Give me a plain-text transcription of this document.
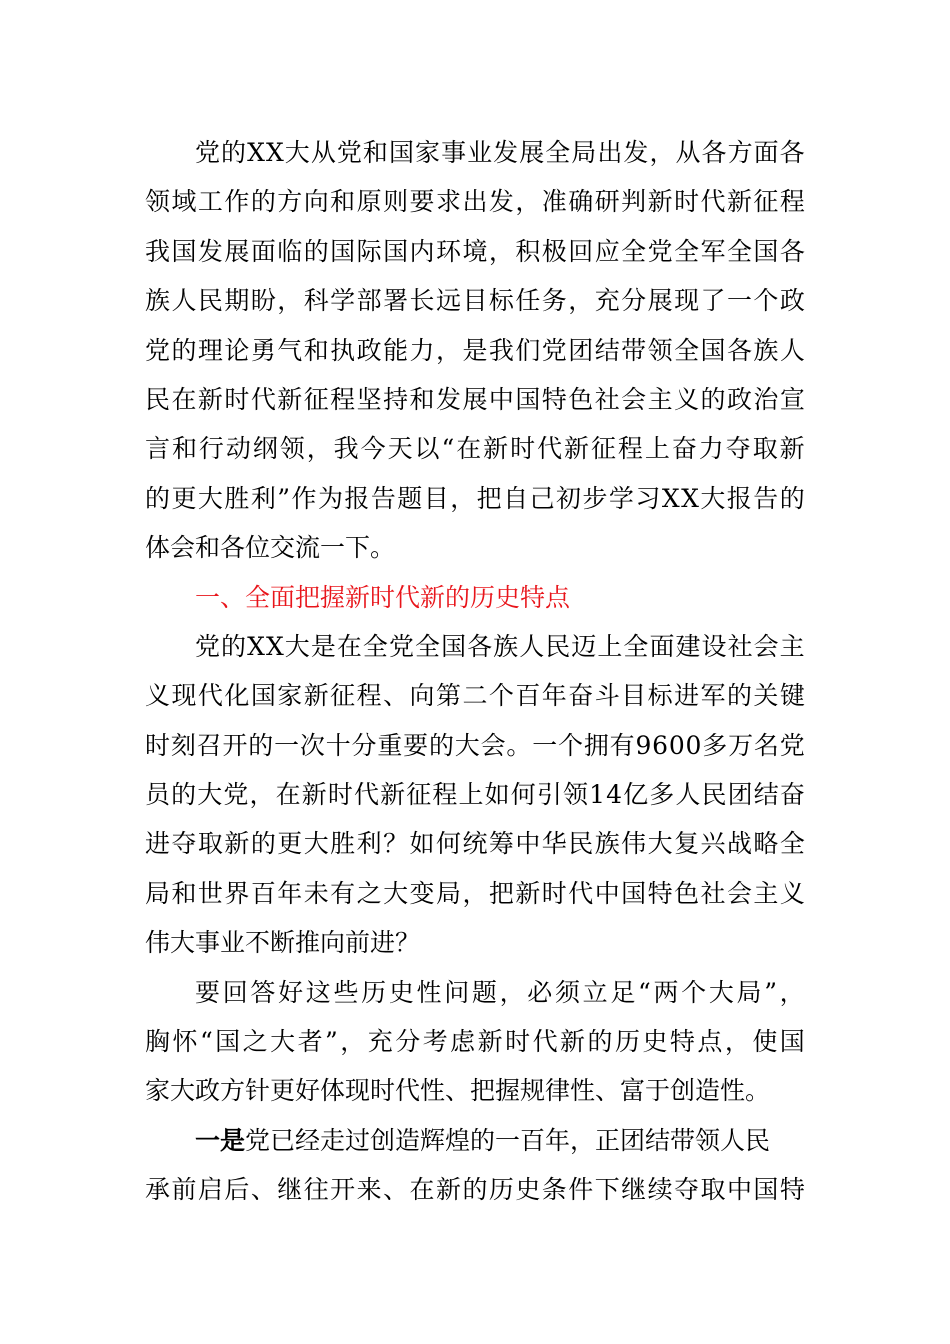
党 的 X X 大 从 党 和 国 家 事 业 发 展 全 局 出 发 ， 从 各 方 面 各
领 域 工 作 的 方 向 和 原 则 要 求 出 发 ， 准 确 研 判 新 时 代 新 征 程
我 国 发 展 面 临 的 国 际 国 内 环 境 ， 积 极 回 应 全 党 全 军 全 国 各
族 人 民 期 盼 ， 科 学 部 署 长 远 目 标 任 务 ， 充 分 展 现 了 一 个 政
党 的 理 论 勇 气 和 执 政 能 力 ， 是 我 们 党 团 结 带 领 全 国 各 族 人
民 在 新 时 代 新 征 程 坚 持 和 发 展 中 国 特 色 社 会 主 义 的 政 治 宣
言 和 行 动 纲 领 ， 我 今 天 以 “ 在 新 时 代 新 征 程 上 奋 力 夺 取 新
的 更 大 胜 利 ” 作 为 报 告 题 目 ， 把 自 己 初 步 学 习 X X 大 报 告 的
体会和各位交流一下。
一、全面把握新时代新的历史特点
党 的 X X 大 是 在 全 党 全 国 各 族 人 民 迈 上 全 面 建 设 社 会 主
义 现 代 化 国 家 新 征 程 、 向 第 二 个 百 年 奋 斗 目 标 进 军 的 关 键
时 刻 召 开 的 一 次 十 分 重 要 的 大 会 。 一 个 拥 有 9 6 0 0 多 万 名 党
员 的 大 党 ， 在 新 时 代 新 征 程 上 如 何 引 领 1 4 亿 多 人 民 团 结 奋
进 夺 取 新 的 更 大 胜 利 ？ 如 何 统 筹 中 华 民 族 伟 大 复 兴 战 略 全
局 和 世 界 百 年 未 有 之 大 变 局 ， 把 新 时 代 中 国 特 色 社 会 主 义
伟大事业不断推向前进？
要 回 答 好 这 些 历 史 性 问 题 ， 必 须 立 足 “ 两 个 大 局 ” ，
胸 怀 “ 国 之 大 者 ” ， 充 分 考 虑 新 时 代 新 的 历 史 特 点 ， 使 国
家大政方针更好体现时代性、把握规律性、富于创造性。
一是 党已经走过创造辉煌的一百年，正团结带领人民
承 前 启 后 、 继 往 开 来 、 在 新 的 历 史 条 件 下 继 续 夺 取 中 国 特
